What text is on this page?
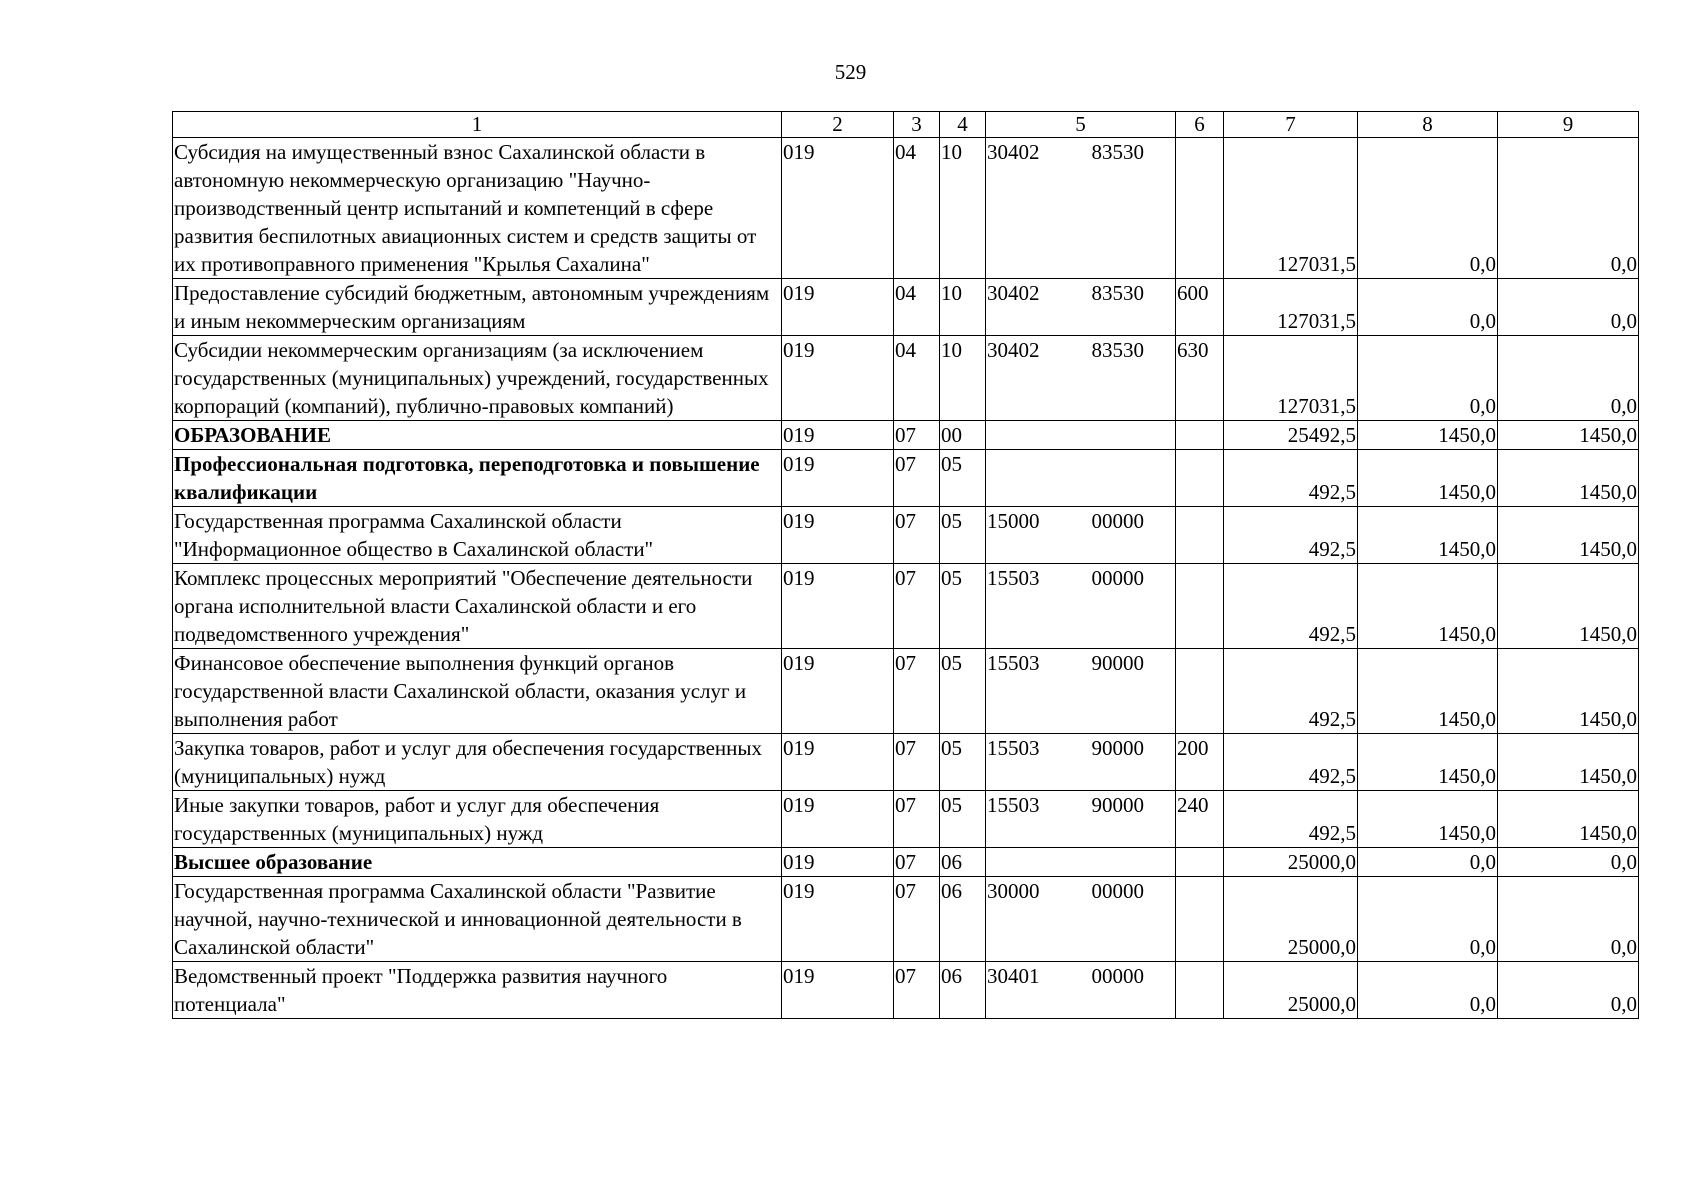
529
1	2	3	4	5	6	7	8	9
Субсидия на имущественный взнос Сахалинской области в автономную некоммерческую организацию "Научно-производственный центр испытаний и компетенций в сфере развития беспилотных авиационных систем и средств защиты от их противоправного применения "Крылья Сахалина"	019	04	10	30402 83530		127031,5	0,0	0,0
Предоставление субсидий бюджетным, автономным учреждениям и иным некоммерческим организациям	019	04	10	30402 83530	600	127031,5	0,0	0,0
Субсидии некоммерческим организациям (за исключением государственных (муниципальных) учреждений, государственных корпораций (компаний), публично-правовых компаний)	019	04	10	30402 83530	630	127031,5	0,0	0,0
ОБРАЗОВАНИЕ	019	07	00			25492,5	1450,0	1450,0
Профессиональная подготовка, переподготовка и повышение квалификации	019	07	05			492,5	1450,0	1450,0
Государственная программа Сахалинской области "Информационное общество в Сахалинской области"	019	07	05	15000 00000		492,5	1450,0	1450,0
Комплекс процессных мероприятий "Обеспечение деятельности органа исполнительной власти Сахалинской области и его подведомственного учреждения"	019	07	05	15503 00000		492,5	1450,0	1450,0
Финансовое обеспечение выполнения функций органов государственной власти Сахалинской области, оказания услуг и выполнения работ	019	07	05	15503 90000		492,5	1450,0	1450,0
Закупка товаров, работ и услуг для обеспечения государственных (муниципальных) нужд	019	07	05	15503 90000	200	492,5	1450,0	1450,0
Иные закупки товаров, работ и услуг для обеспечения государственных (муниципальных) нужд	019	07	05	15503 90000	240	492,5	1450,0	1450,0
Высшее образование	019	07	06			25000,0	0,0	0,0
Государственная программа Сахалинской области "Развитие научной, научно-технической и инновационной деятельности в Сахалинской области"	019	07	06	30000 00000		25000,0	0,0	0,0
Ведомственный проект "Поддержка развития научного потенциала"	019	07	06	30401 00000		25000,0	0,0	0,0
